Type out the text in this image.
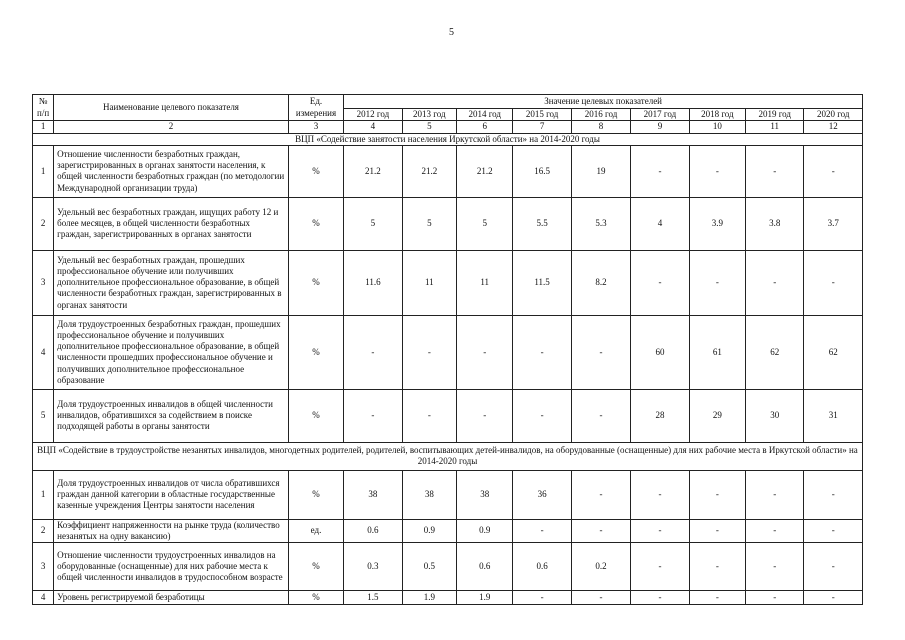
5
№ п/п	Наименование целевого показателя	Ед. измерения	Значение целевых показателей								
			2012 год	2013 год	2014 год	2015 год	2016 год	2017 год	2018 год	2019 год	2020 год
1	2	3	4	5	6	7	8	9	10	11	12
ВЦП «Содействие занятости населения Иркутской области» на 2014-2020 годы											
1	Отношение численности безработных граждан, зарегистрированных в органах занятости населения, к общей численности безработных граждан (по методологии Международной организации труда)	%	21.2	21.2	21.2	16.5	19	-	-	-	-
2	Удельный вес безработных граждан, ищущих работу 12 и более месяцев, в общей численности безработных граждан, зарегистрированных в органах занятости	%	5	5	5	5.5	5.3	4	3.9	3.8	3.7
3	Удельный вес безработных граждан, прошедших профессиональное обучение или получивших дополнительное профессиональное образование, в общей численности безработных граждан, зарегистрированных в органах занятости	%	11.6	11	11	11.5	8.2	-	-	-	-
4	Доля трудоустроенных безработных граждан, прошедших профессиональное обучение и получивших дополнительное профессиональное образование, в общей численности прошедших профессиональное обучение и получивших дополнительное профессиональное образование	%	-	-	-	-	-	60	61	62	62
5	Доля трудоустроенных инвалидов в общей численности инвалидов, обратившихся за содействием в поиске подходящей работы в органы занятости	%	-	-	-	-	-	28	29	30	31
ВЦП «Содействие в трудоустройстве незанятых инвалидов, многодетных родителей, родителей, воспитывающих детей-инвалидов, на оборудованные (оснащенные) для них рабочие места в Иркутской области» на 2014-2020 годы											
1	Доля трудоустроенных инвалидов от числа обратившихся граждан данной категории в областные государственные казенные учреждения Центры занятости населения	%	38	38	38	36	-	-	-	-	-
2	Коэффициент напряженности на рынке труда (количество незанятых на одну вакансию)	ед.	0.6	0.9	0.9	-	-	-	-	-	-
3	Отношение численности трудоустроенных инвалидов на оборудованные (оснащенные) для них рабочие места к общей численности инвалидов в трудоспособном возрасте	%	0.3	0.5	0.6	0.6	0.2	-	-	-	-
4	Уровень регистрируемой безработицы	%	1.5	1.9	1.9	-	-	-	-	-	-
